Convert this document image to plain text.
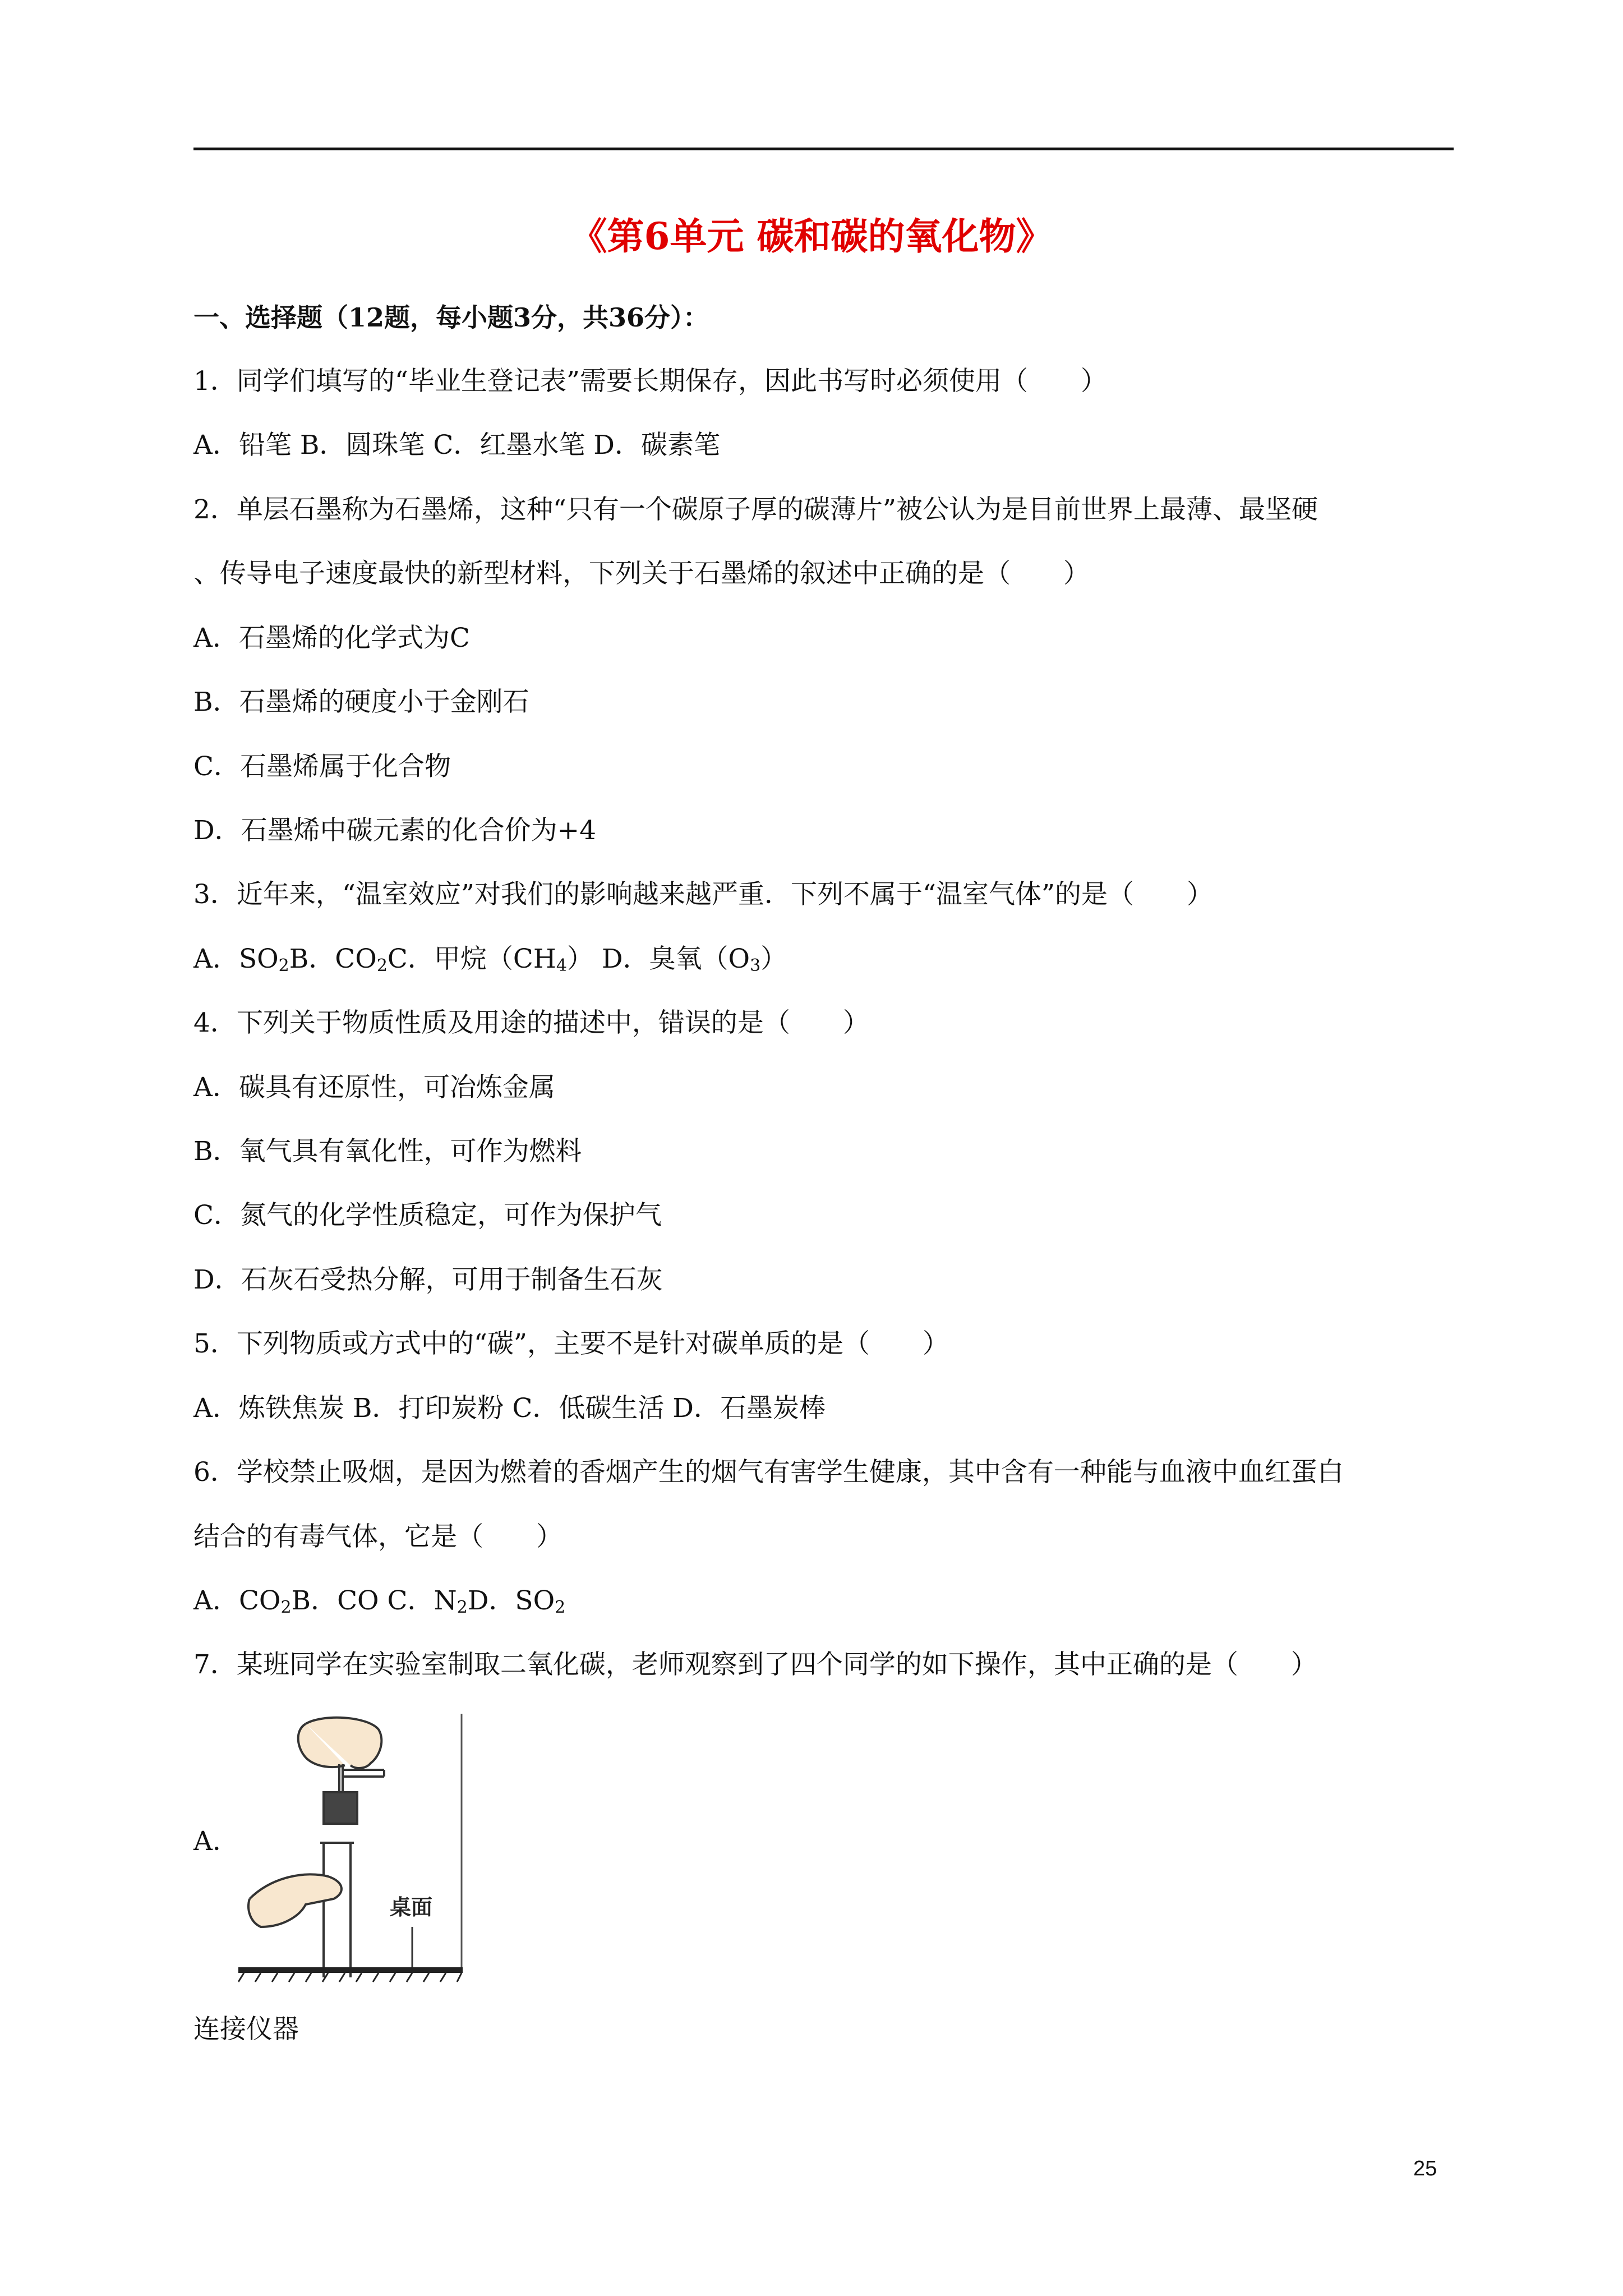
《第6单元 碳和碳的氧化物》
一、选择题（12题，每小题3分，共36分）：
1．同学们填写的“毕业生登记表”需要长期保存，因此书写时必须使用（　　）
A．铅笔 B．圆珠笔 C．红墨水笔 D．碳素笔
2．单层石墨称为石墨烯，这种“只有一个碳原子厚的碳薄片”被公认为是目前世界上最薄、最坚硬
、传导电子速度最快的新型材料，下列关于石墨烯的叙述中正确的是（　　）
A．石墨烯的化学式为C
B．石墨烯的硬度小于金刚石
C．石墨烯属于化合物
D．石墨烯中碳元素的化合价为+4
3．近年来，“温室效应”对我们的影响越来越严重．下列不属于“温室气体”的是（　　）
A．$SO_2B$．$CO_2C$．甲烷$(CH_4)$ D．臭氧$(O_3)$
4．下列关于物质性质及用途的描述中，错误的是（　　）
A．碳具有还原性，可冶炼金属
B．氧气具有氧化性，可作为燃料
C．氮气的化学性质稳定，可作为保护气
D．石灰石受热分解，可用于制备生石灰
5．下列物质或方式中的“碳”，主要不是针对碳单质的是（　　）
A．炼铁焦炭 B．打印炭粉 C．低碳生活 D．石墨炭棒
6．学校禁止吸烟，是因为燃着的香烟产生的烟气有害学生健康，其中含有一种能与血液中血红蛋白
结合的有毒气体，它是（　　）
A．$CO_2B$．CO C．$N_2D$．$SO_2$
7．某班同学在实验室制取二氧化碳，老师观察到了四个同学的如下操作，其中正确的是（　　）
A．
桌面
连接仪器
25
